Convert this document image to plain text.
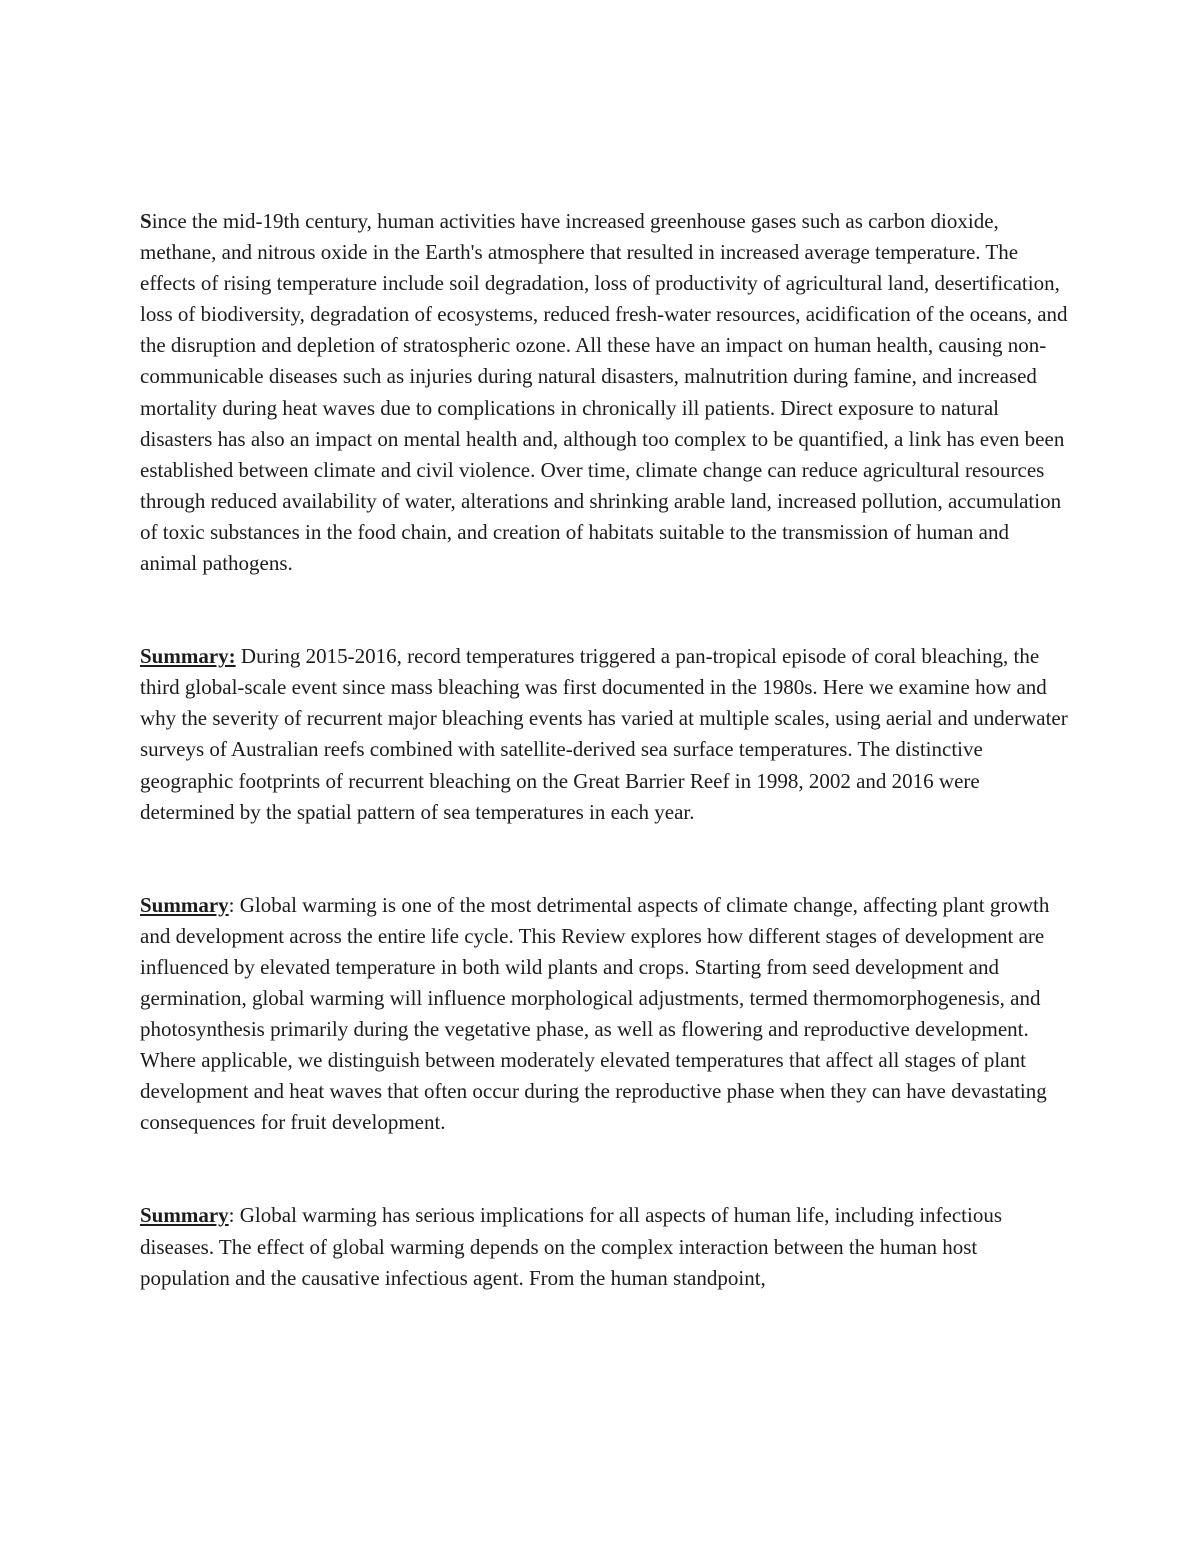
Since the mid-19th century, human activities have increased greenhouse gases such as carbon dioxide, methane, and nitrous oxide in the Earth's atmosphere that resulted in increased average temperature. The effects of rising temperature include soil degradation, loss of productivity of agricultural land, desertification, loss of biodiversity, degradation of ecosystems, reduced fresh-water resources, acidification of the oceans, and the disruption and depletion of stratospheric ozone. All these have an impact on human health, causing non-communicable diseases such as injuries during natural disasters, malnutrition during famine, and increased mortality during heat waves due to complications in chronically ill patients. Direct exposure to natural disasters has also an impact on mental health and, although too complex to be quantified, a link has even been established between climate and civil violence. Over time, climate change can reduce agricultural resources through reduced availability of water, alterations and shrinking arable land, increased pollution, accumulation of toxic substances in the food chain, and creation of habitats suitable to the transmission of human and animal pathogens.

Summary: During 2015-2016, record temperatures triggered a pan-tropical episode of coral bleaching, the third global-scale event since mass bleaching was first documented in the 1980s. Here we examine how and why the severity of recurrent major bleaching events has varied at multiple scales, using aerial and underwater surveys of Australian reefs combined with satellite-derived sea surface temperatures. The distinctive geographic footprints of recurrent bleaching on the Great Barrier Reef in 1998, 2002 and 2016 were determined by the spatial pattern of sea temperatures in each year.

Summary: Global warming is one of the most detrimental aspects of climate change, affecting plant growth and development across the entire life cycle. This Review explores how different stages of development are influenced by elevated temperature in both wild plants and crops. Starting from seed development and germination, global warming will influence morphological adjustments, termed thermomorphogenesis, and photosynthesis primarily during the vegetative phase, as well as flowering and reproductive development. Where applicable, we distinguish between moderately elevated temperatures that affect all stages of plant development and heat waves that often occur during the reproductive phase when they can have devastating consequences for fruit development.

Summary: Global warming has serious implications for all aspects of human life, including infectious diseases. The effect of global warming depends on the complex interaction between the human host population and the causative infectious agent. From the human standpoint,
